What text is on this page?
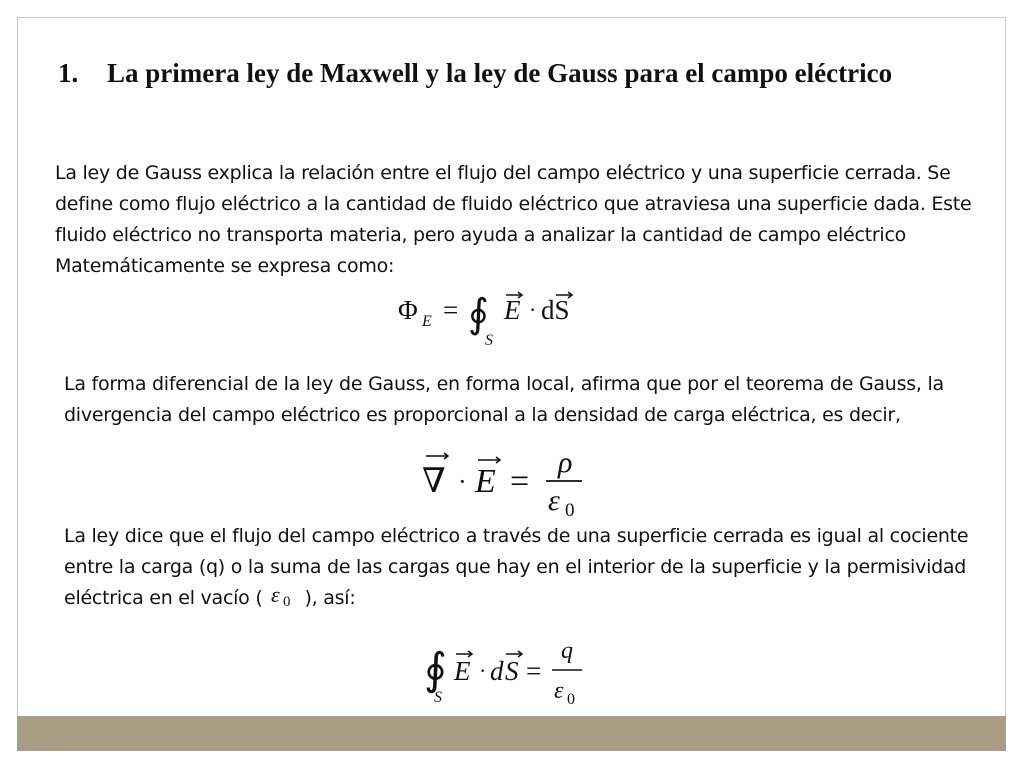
1. La primera ley de Maxwell y la ley de Gauss para el campo eléctrico
La ley de Gauss explica la relación entre el flujo del campo eléctrico y una superficie cerrada. Se define como flujo eléctrico a la cantidad de fluido eléctrico que atraviesa una superficie dada. Este fluido eléctrico no transporta materia, pero ayuda a analizar la cantidad de campo eléctrico Matemáticamente se expresa como:
Φ E = ∮
S
E · dS
La forma diferencial de la ley de Gauss, en forma local, afirma que por el teorema de Gauss, la divergencia del campo eléctrico es proporcional a la densidad de carga eléctrica, es decir,
∇ · E =
ρ
ε 0
La ley dice que el flujo del campo eléctrico a través de una superficie cerrada es igual al cociente entre la carga (q) o la suma de las cargas que hay en el interior de la superficie y la permisividad eléctrica en el vacío ( ε 0 ), así:
∮
S
E · d S =
q
ε 0
